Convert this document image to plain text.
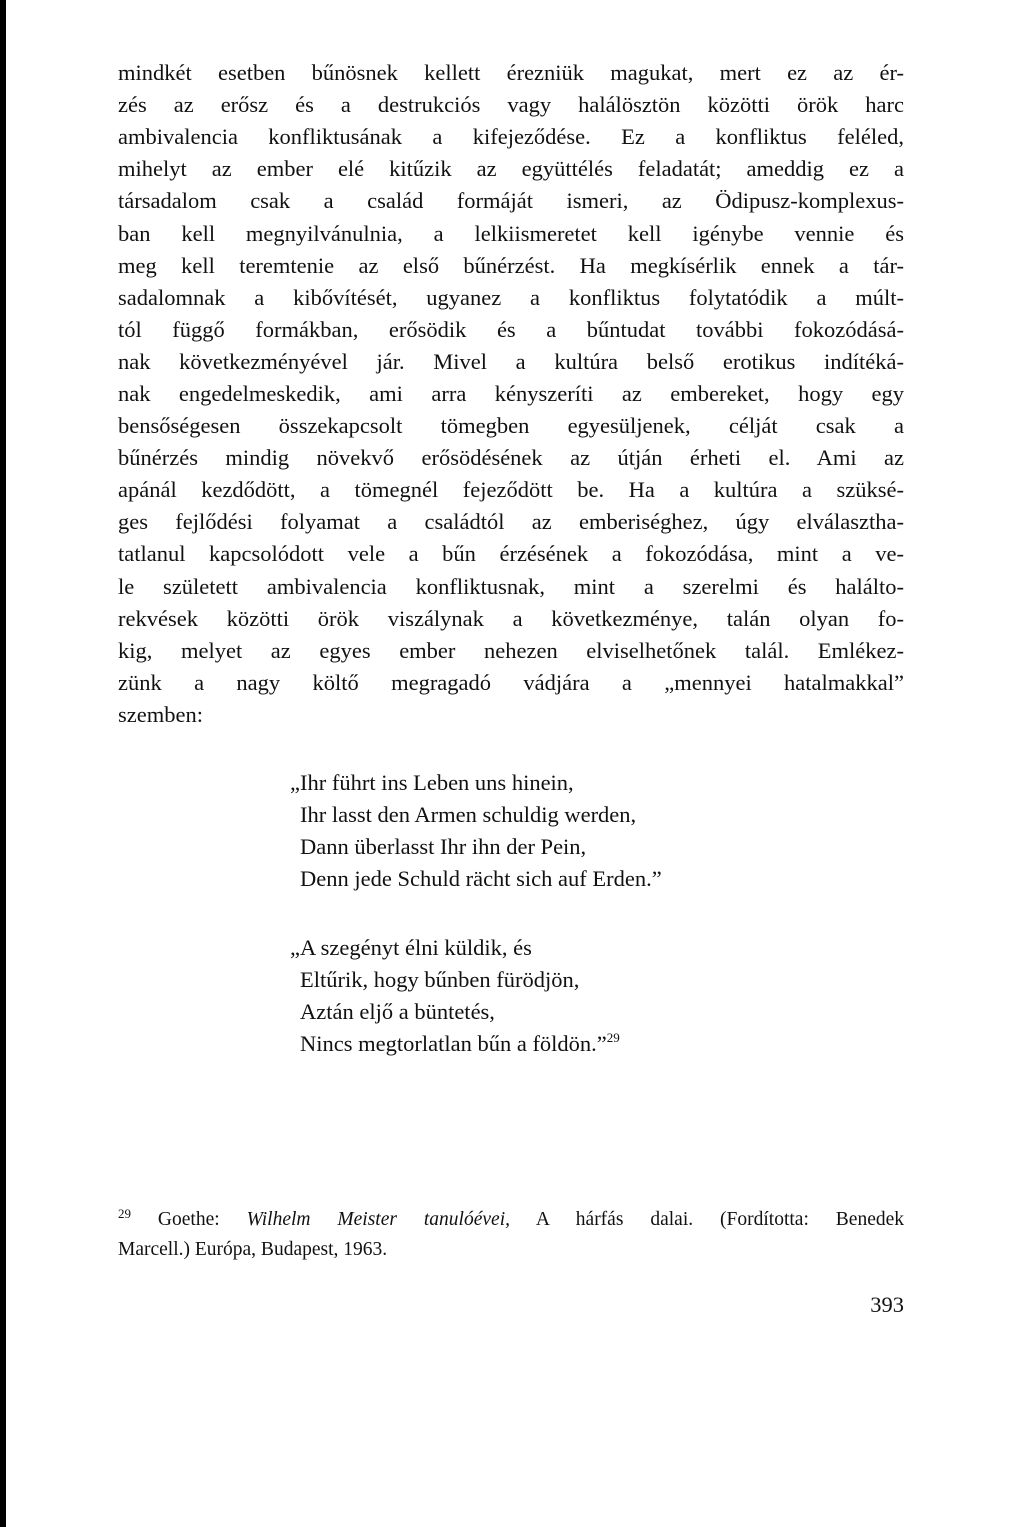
mindkét esetben bűnösnek kellett érezniük magukat, mert ez az ér-
zés az erősz és a destrukciós vagy halálösztön közötti örök harc
ambivalencia konfliktusának a kifejeződése. Ez a konfliktus feléled,
mihelyt az ember elé kitűzik az együttélés feladatát; ameddig ez a
társadalom csak a család formáját ismeri, az Ödipusz-komplexus-
ban kell megnyilvánulnia, a lelkiismeretet kell igénybe vennie és
meg kell teremtenie az első bűnérzést. Ha megkísérlik ennek a tár-
sadalomnak a kibővítését, ugyanez a konfliktus folytatódik a múlt-
tól függő formákban, erősödik és a bűntudat további fokozódásá-
nak következményével jár. Mivel a kultúra belső erotikus indítéká-
nak engedelmeskedik, ami arra kényszeríti az embereket, hogy egy
bensőségesen összekapcsolt tömegben egyesüljenek, célját csak a
bűnérzés mindig növekvő erősödésének az útján érheti el. Ami az
apánál kezdődött, a tömegnél fejeződött be. Ha a kultúra a szüksé-
ges fejlődési folyamat a családtól az emberiséghez, úgy elválasztha-
tatlanul kapcsolódott vele a bűn érzésének a fokozódása, mint a ve-
le született ambivalencia konfliktusnak, mint a szerelmi és halálto-
rekvések közötti örök viszálynak a következménye, talán olyan fo-
kig, melyet az egyes ember nehezen elviselhetőnek talál. Emlékez-
zünk a nagy költő megragadó vádjára a „mennyei hatalmakkal”
szemben:
„Ihr führt ins Leben uns hinein,
Ihr lasst den Armen schuldig werden,
Dann überlasst Ihr ihn der Pein,
Denn jede Schuld rächt sich auf Erden.”
„A szegényt élni küldik, és
Eltűrik, hogy bűnben fürödjön,
Aztán eljő a büntetés,
Nincs megtorlatlan bűn a földön.”$^{29}$
$^{29}$ Goethe: Wilhelm Meister tanulóévei, A hárfás dalai. (Fordította: Benedek
Marcell.) Európa, Budapest, 1963.
393
